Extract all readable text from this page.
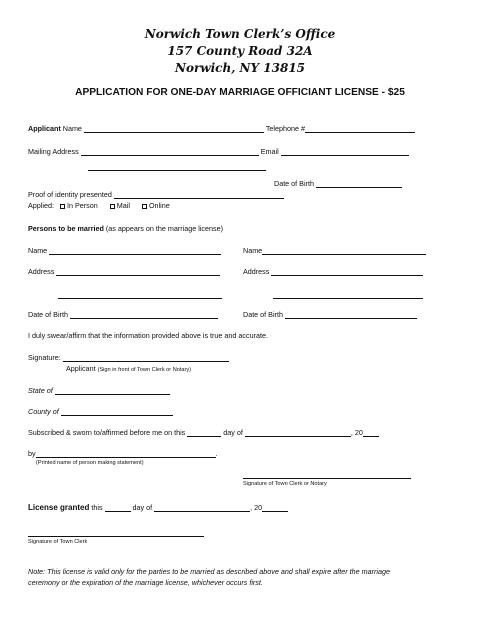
Norwich Town Clerk’s Office
157 County Road 32A
Norwich, NY 13815
APPLICATION FOR ONE-DAY MARRIAGE OFFICIANT LICENSE - $25
Applicant Name	Telephone #
Mailing Address	Email
Date of Birth
Proof of identity presented
Applied: In Person	Mail	Online
Persons to be married (as appears on the marriage license)
Name	Name
Address	Address
Date of Birth	Date of Birth
I duly swear/affirm that the information provided above is true and accurate.
Signature:
Applicant (Sign in front of Town Clerk or Notary)
State of
County of
Subscribed & sworn to/affirmed before me on this	day of	, 20
by	.
(Printed name of person making statement)
Signature of Town Clerk or Notary
License granted this	day of	, 20
Signature of Town Clerk
Note: This license is valid only for the parties to be married as described above and shall expire after the marriage
ceremony or the expiration of the marriage license, whichever occurs first.
